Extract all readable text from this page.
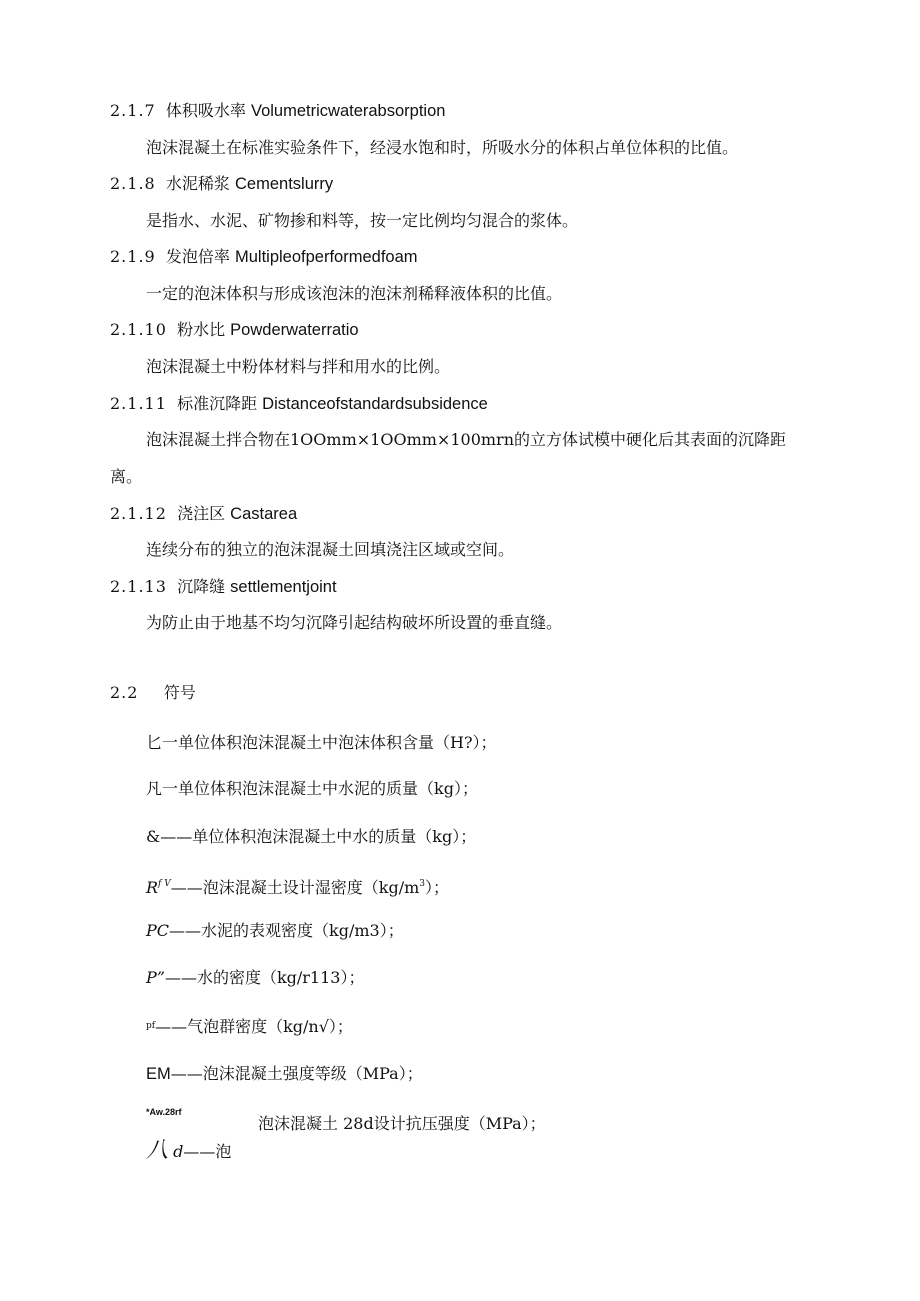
2.1.7 体积吸水率 Volumetricwaterabsorption
泡沫混凝土在标准实验条件下，经浸水饱和时，所吸水分的体积占单位体积的比值。
2.1.8 水泥稀浆 Cementslurry
是指水、水泥、矿物掺和料等，按一定比例均匀混合的浆体。
2.1.9 发泡倍率 Multipleofperformedfoam
一定的泡沫体积与形成该泡沫的泡沫剂稀释液体积的比值。
2.1.10 粉水比 Powderwaterratio
泡沫混凝土中粉体材料与拌和用水的比例。
2.1.11 标准沉降距 Distanceofstandardsubsidence
泡沫混凝土拌合物在1OOmm×1OOmm×100mrn的立方体试模中硬化后其表面的沉降距
离。
2.1.12 浇注区 Castarea
连续分布的独立的泡沫混凝土回填浇注区域或空间。
2.1.13 沉降缝 settlementjoint
为防止由于地基不均匀沉降引起结构破坏所设置的垂直缝。
2.2 符号
匕一单位体积泡沫混凝土中泡沫体积含量（H?）；
凡一单位体积泡沫混凝土中水泥的质量（kg）；
&——单位体积泡沫混凝土中水的质量（kg）；
$R^{f V}——$泡沫混凝土设计湿密度$(kg∕m^3)$；
PC——水泥的表观密度（kg∕m3）；
P”——水的密度（kg∕r113）；
$^{pf}$——气泡群密度（kg∕n√）；
EM——泡沫混凝土强度等级（MPa）；
*Aw.28rf
泡沫混凝土 28d设计抗压强度（MPa）；
八 d——泡
